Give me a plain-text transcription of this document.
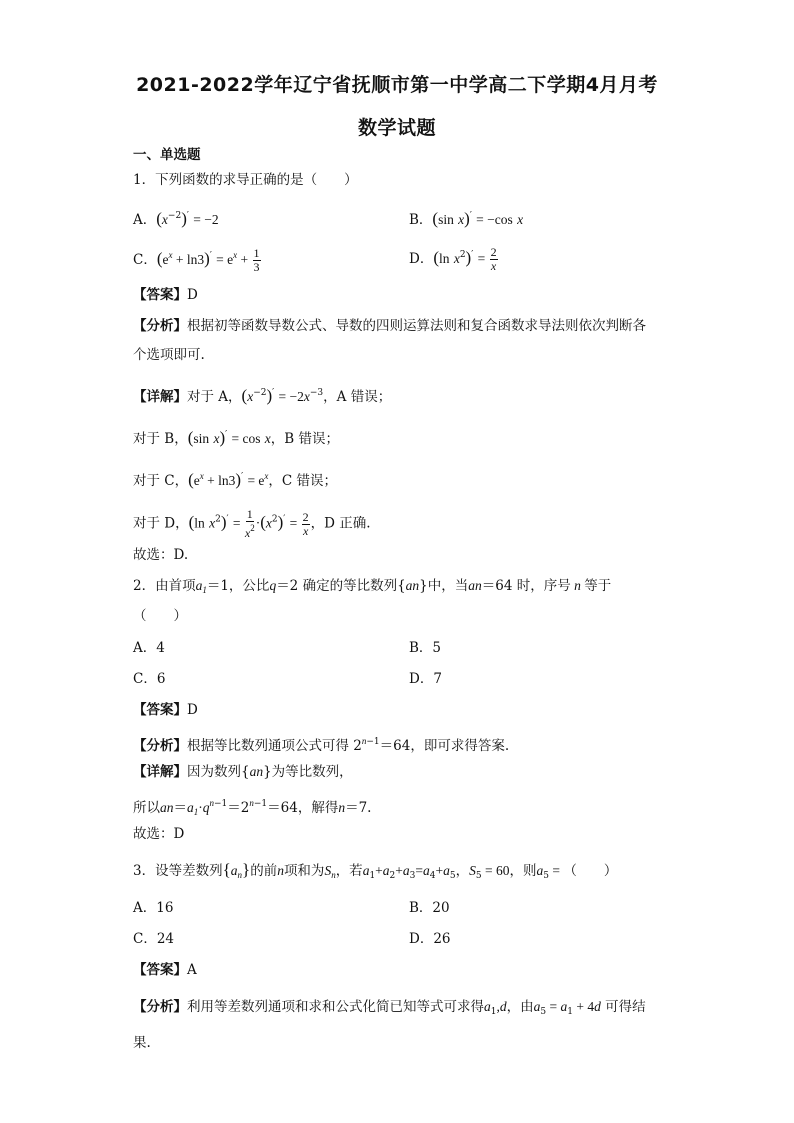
2021-2022学年辽宁省抚顺市第一中学高二下学期4月月考
数学试题
一、单选题
1．下列函数的求导正确的是（　　）
A．$(x^{-2})' = -2$	B．(sin x)′ = −cos x
C．$(e^x + \ln 3)' = e^x + \frac{1}{3}$	D．(ln $x^2)' = \frac{2}{x}$
【答案】D
【分析】根据初等函数导数公式、导数的四则运算法则和复合函数求导法则依次判断各
个选项即可.
【详解】对于 A，$(x^{-2})' = -2x^{-3}$，A 错误；
对于 B，(sin x)′ = cos x，B 错误；
对于 C，$(e^x + \ln 3)' = e^x$，C 错误；
对于 D，(ln $x^2)' = \frac{1}{x^2} \cdot(x^2)' = \frac{2}{x}$ ，D 正确.
故选：D.
2．由首项$a_1=1$，公比q＝2 确定的等比数列{an}中，当an＝64 时，序号 n 等于
（　　）
A．4	B．5
C．6	D．7
【答案】D
【分析】根据等比数列通项公式可得 $2^{n-1}=64$，即可求得答案.
【详解】因为数列{an}为等比数列，
所以$an=a_1\cdot q^{n-1}=2^{n-1}=64$，解得n＝7.
故选：D
3．设等差数列$\{a_n\}$的前n项和为$S_n$，若$a_1+a_2+a_3=a_4+a_5$，$S_5 = 60$，则$a_5$ = （　　）
A．16	B．20
C．24	D．26
【答案】A
【分析】利用等差数列通项和求和公式化简已知等式可求得$a_1,d$，由$a_5 = a_1 + 4d$ 可得结
果.
